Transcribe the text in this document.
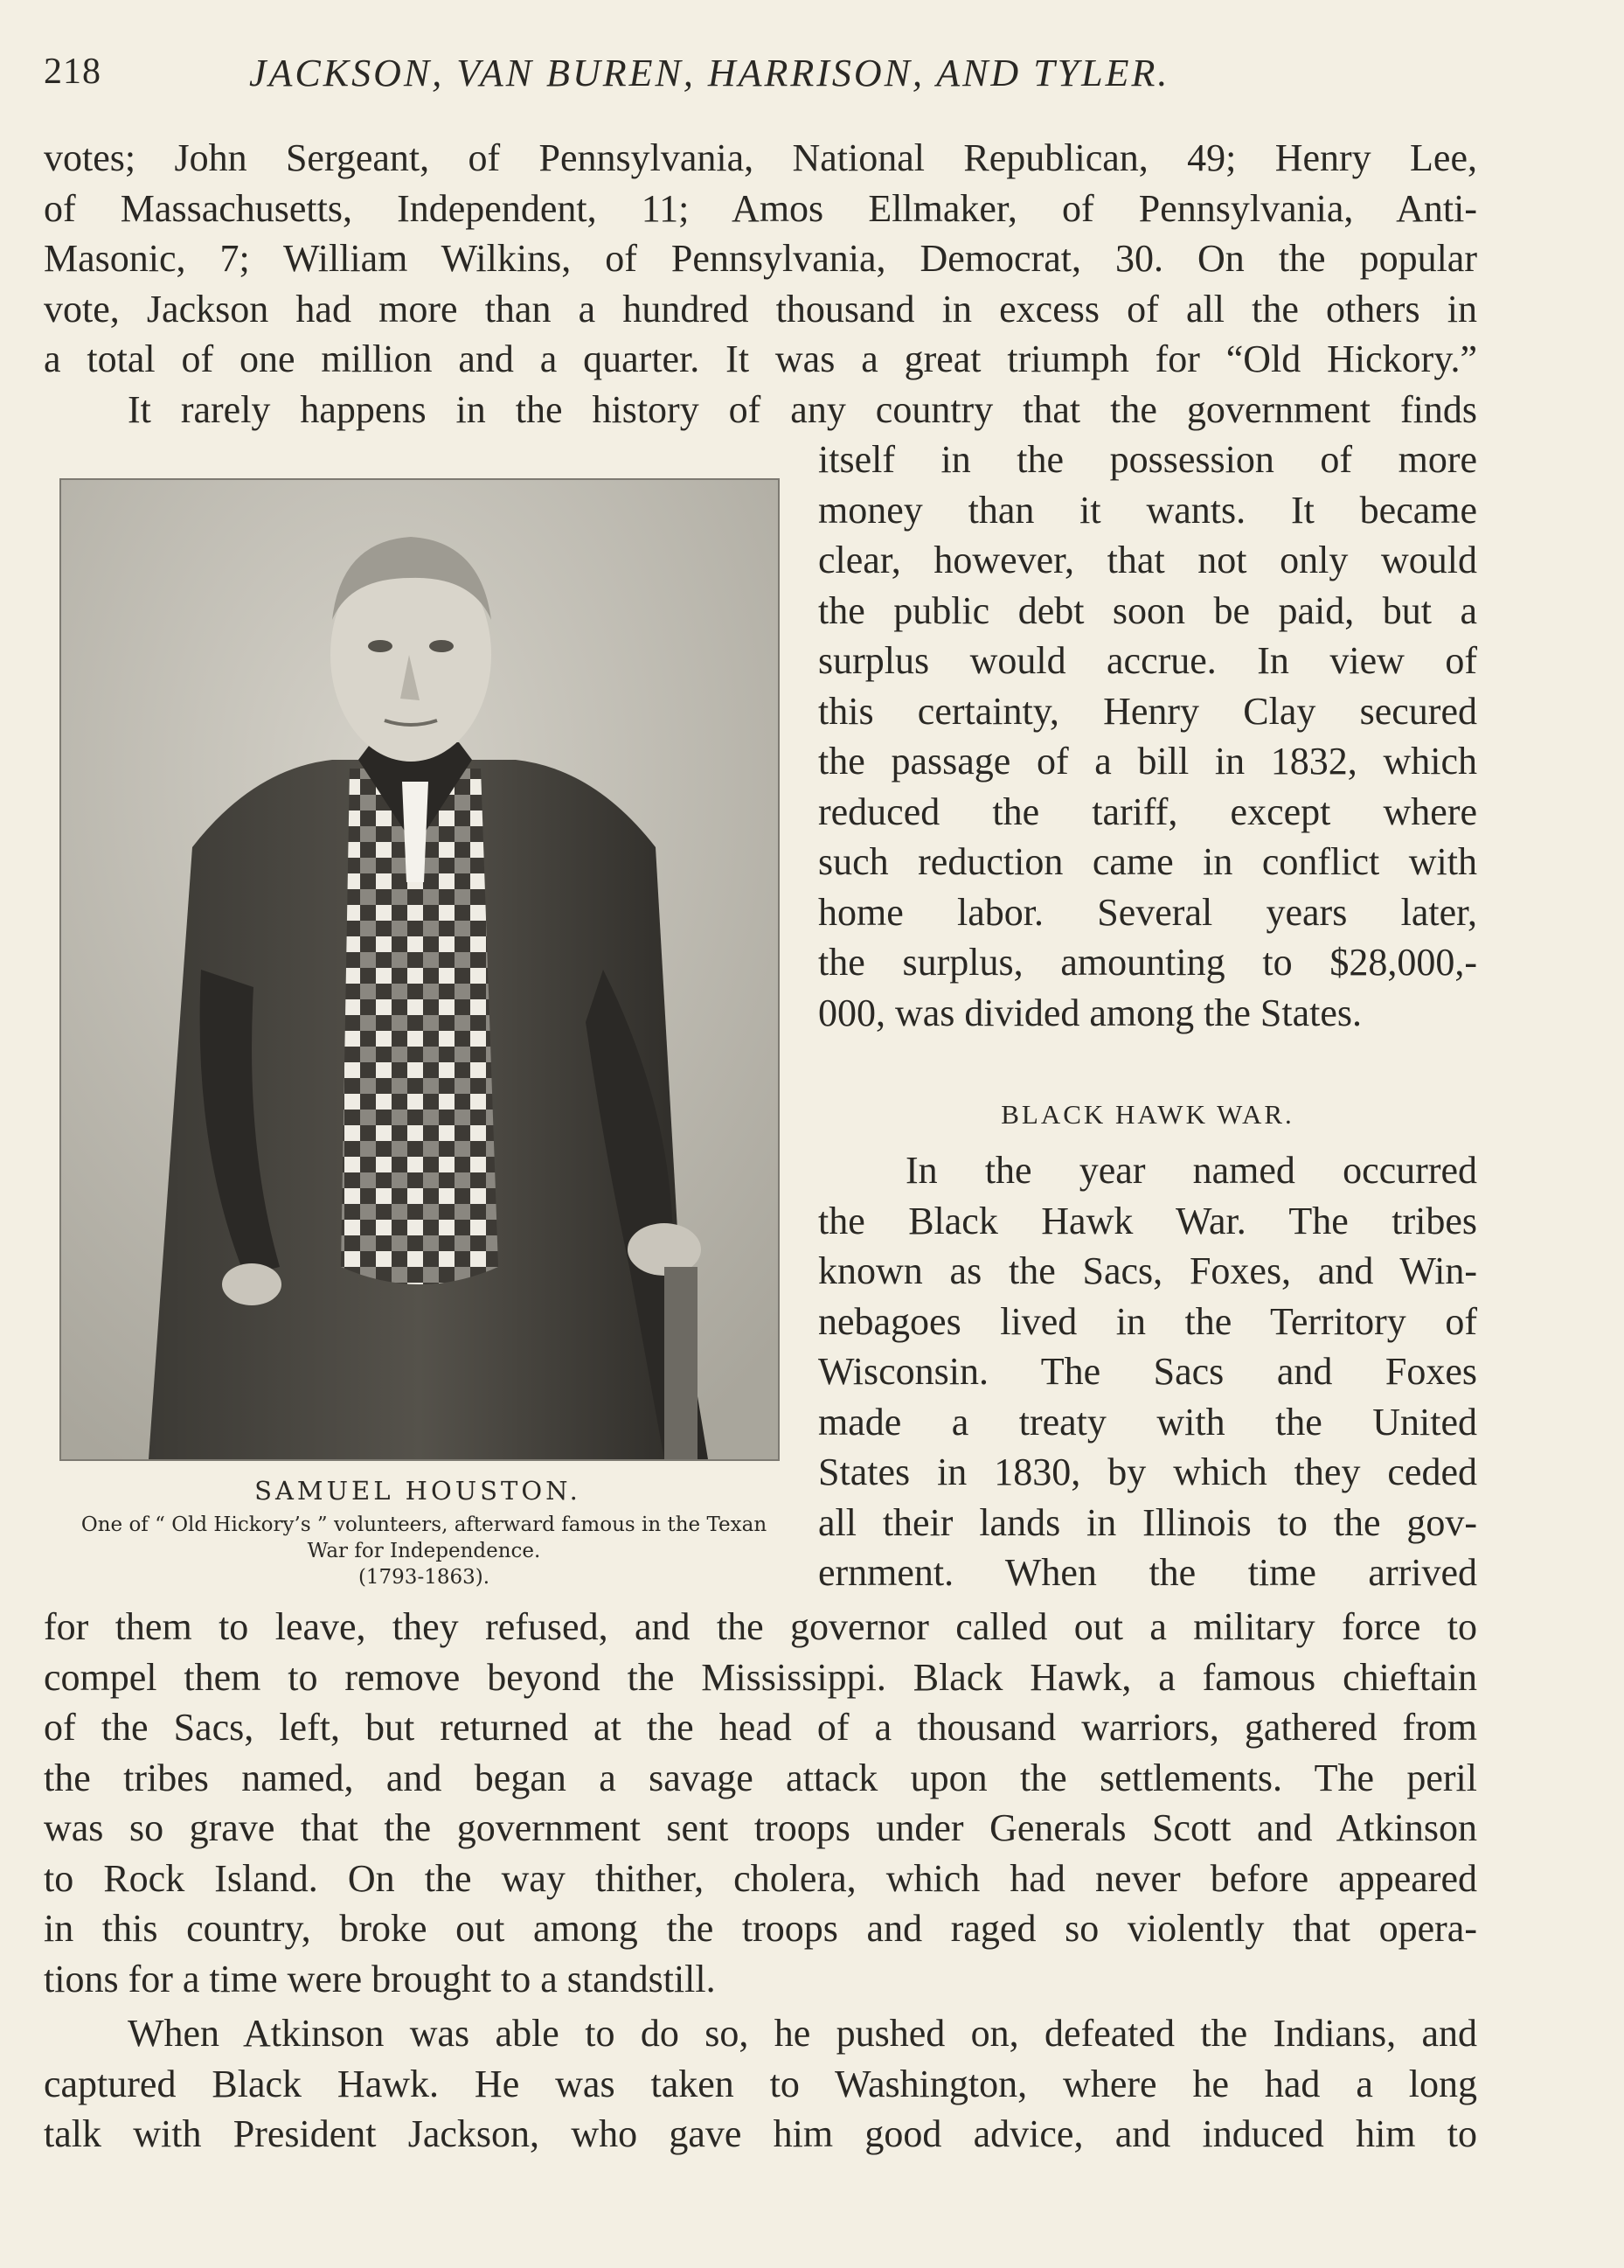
218	JACKSON, VAN BUREN, HARRISON, AND TYLER.
votes; John Sergeant, of Pennsylvania, National Republican, 49; Henry Lee,
of Massachusetts, Independent, 11; Amos Ellmaker, of Pennsylvania, Anti-
Masonic, 7; William Wilkins, of Pennsylvania, Democrat, 30. On the popular
vote, Jackson had more than a hundred thousand in excess of all the others in
a total of one million and a quarter. It was a great triumph for “Old Hickory.”
It rarely happens in the history of any country that the government finds
itself in the possession of more
money than it wants. It became
clear, however, that not only would
the public debt soon be paid, but a
surplus would accrue. In view of
this certainty, Henry Clay secured
the passage of a bill in 1832, which
reduced the tariff, except where
such reduction came in conflict with
home labor. Several years later,
the surplus, amounting to $28,000,-
000, was divided among the States.
BLACK HAWK WAR.
In the year named occurred
the Black Hawk War. The tribes
known as the Sacs, Foxes, and Win-
nebagoes lived in the Territory of
Wisconsin. The Sacs and Foxes
made a treaty with the United
States in 1830, by which they ceded
all their lands in Illinois to the gov-
ernment. When the time arrived
SAMUEL HOUSTON.
One of “ Old Hickory’s ” volunteers, afterward famous in the Texan
War for Independence.
(1793-1863).
for them to leave, they refused, and the governor called out a military force to
compel them to remove beyond the Mississippi. Black Hawk, a famous chieftain
of the Sacs, left, but returned at the head of a thousand warriors, gathered from
the tribes named, and began a savage attack upon the settlements. The peril
was so grave that the government sent troops under Generals Scott and Atkinson
to Rock Island. On the way thither, cholera, which had never before appeared
in this country, broke out among the troops and raged so violently that opera-
tions for a time were brought to a standstill.
When Atkinson was able to do so, he pushed on, defeated the Indians, and
captured Black Hawk. He was taken to Washington, where he had a long
talk with President Jackson, who gave him good advice, and induced him to
